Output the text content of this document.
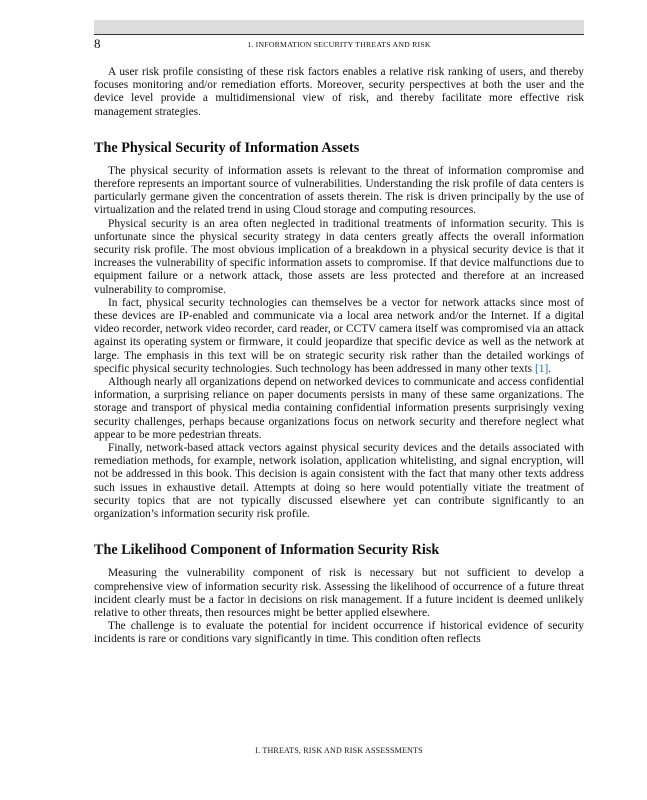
8	1. INFORMATION SECURITY THREATS AND RISK

A user risk profile consisting of these risk factors enables a relative risk ranking of users, and thereby focuses monitoring and/or remediation efforts. Moreover, security perspectives at both the user and the device level provide a multidimensional view of risk, and thereby facilitate more effective risk management strategies.

The Physical Security of Information Assets

The physical security of information assets is relevant to the threat of information compromise and therefore represents an important source of vulnerabilities. Understanding the risk profile of data centers is particularly germane given the concentration of assets therein. The risk is driven principally by the use of virtualization and the related trend in using Cloud storage and computing resources.

Physical security is an area often neglected in traditional treatments of information security. This is unfortunate since the physical security strategy in data centers greatly affects the overall information security risk profile. The most obvious implication of a breakdown in a physical security device is that it increases the vulnerability of specific information assets to compromise. If that device malfunctions due to equipment failure or a network attack, those assets are less protected and therefore at an increased vulnerability to compromise.

In fact, physical security technologies can themselves be a vector for network attacks since most of these devices are IP-enabled and communicate via a local area network and/or the Internet. If a digital video recorder, network video recorder, card reader, or CCTV camera itself was compromised via an attack against its operating system or firmware, it could jeopardize that specific device as well as the network at large. The emphasis in this text will be on strategic security risk rather than the detailed workings of specific physical security technologies. Such technology has been addressed in many other texts [1].

Although nearly all organizations depend on networked devices to communicate and access confidential information, a surprising reliance on paper documents persists in many of these same organizations. The storage and transport of physical media containing confidential information presents surprisingly vexing security challenges, perhaps because organizations focus on network security and therefore neglect what appear to be more pedestrian threats.

Finally, network-based attack vectors against physical security devices and the details associated with remediation methods, for example, network isolation, application whitelisting, and signal encryption, will not be addressed in this book. This decision is again consistent with the fact that many other texts address such issues in exhaustive detail. Attempts at doing so here would potentially vitiate the treatment of security topics that are not typically discussed elsewhere yet can contribute significantly to an organization’s information security risk profile.

The Likelihood Component of Information Security Risk

Measuring the vulnerability component of risk is necessary but not sufficient to develop a comprehensive view of information security risk. Assessing the likelihood of occurrence of a future threat incident clearly must be a factor in decisions on risk management. If a future incident is deemed unlikely relative to other threats, then resources might be better applied elsewhere.

The challenge is to evaluate the potential for incident occurrence if historical evidence of security incidents is rare or conditions vary significantly in time. This condition often reflects

I. THREATS, RISK AND RISK ASSESSMENTS
